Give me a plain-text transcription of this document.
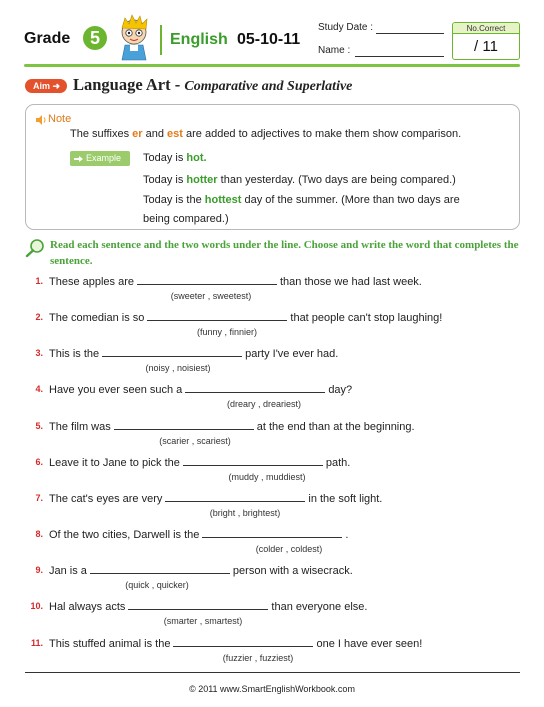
Grade	5	English 05-10-11
Study Date :
Name :
No.Correct
/ 11
Aim ➜ Language Art - Comparative and Superlative
Note
The suffixes er and est are added to adjectives to make them show comparison.
Example	Today is hot.
Today is hotter than yesterday. (Two days are being compared.)
Today is the hottest day of the summer. (More than two days are
being compared.)
Read each sentence and the two words under the line. Choose and write the word that completes the sentence.
1. These apples are	than those we had last week.
(sweeter , sweetest)
2. The comedian is so	that people can't stop laughing!
(funny , finnier)
3. This is the	party I've ever had.
(noisy , noisiest)
4. Have you ever seen such a	day?
(dreary , dreariest)
5. The film was	at the end than at the beginning.
(scarier , scariest)
6. Leave it to Jane to pick the	path.
(muddy , muddiest)
7. The cat's eyes are very	in the soft light.
(bright , brightest)
8. Of the two cities, Darwell is the	.
(colder , coldest)
9. Jan is a	person with a wisecrack.
(quick , quicker)
10. Hal always acts	than everyone else.
(smarter , smartest)
11. This stuffed animal is the	one I have ever seen!
(fuzzier , fuzziest)
© 2011 www.SmartEnglishWorkbook.com
